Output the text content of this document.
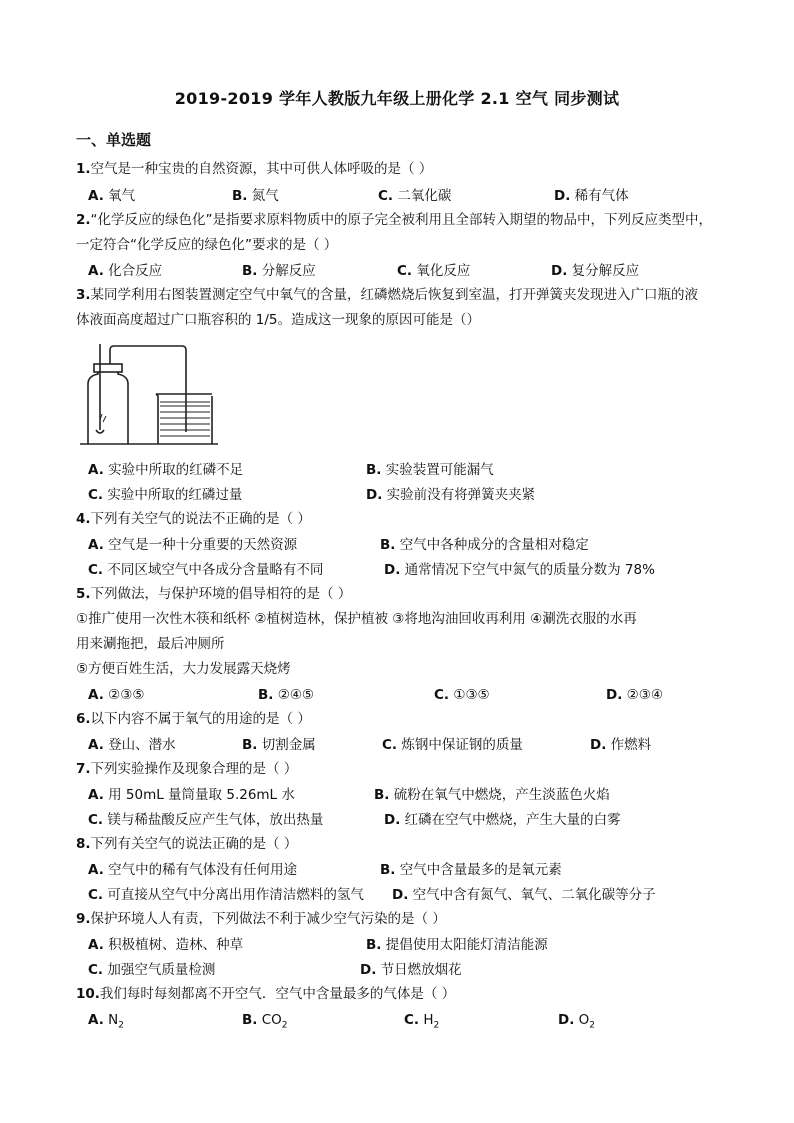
2019-2019 学年人教版九年级上册化学 2.1 空气 同步测试
一、单选题
1.空气是一种宝贵的自然资源，其中可供人体呼吸的是（ ）
A. 氧气	B. 氮气	C. 二氧化碳	D. 稀有气体
2.“化学反应的绿色化”是指要求原料物质中的原子完全被利用且全部转入期望的物品中，下列反应类型中，
一定符合“化学反应的绿色化”要求的是（ ）
A. 化合反应	B. 分解反应	C. 氧化反应	D. 复分解反应
3.某同学利用右图装置测定空气中氧气的含量，红磷燃烧后恢复到室温，打开弹簧夹发现进入广口瓶的液
体液面高度超过广口瓶容积的 1/5。造成这一现象的原因可能是（）
A. 实验中所取的红磷不足	B. 实验装置可能漏气
C. 实验中所取的红磷过量	D. 实验前没有将弹簧夹夹紧
4.下列有关空气的说法不正确的是（ ）
A. 空气是一种十分重要的天然资源	B. 空气中各种成分的含量相对稳定
C. 不同区域空气中各成分含量略有不同	D. 通常情况下空气中氮气的质量分数为 78%
5.下列做法，与保护环境的倡导相符的是（ ）
①推广使用一次性木筷和纸杯 ②植树造林，保护植被 ③将地沟油回收再利用 ④涮洗衣服的水再
用来涮拖把，最后冲厕所
⑤方便百姓生活，大力发展露天烧烤
A. ②③⑤	B. ②④⑤	C. ①③⑤	D. ②③④
6.以下内容不属于氧气的用途的是（ ）
A. 登山、潜水	B. 切割金属	C. 炼钢中保证钢的质量	D. 作燃料
7.下列实验操作及现象合理的是（ ）
A. 用 50mL 量筒量取 5.26mL 水	B. 硫粉在氧气中燃烧，产生淡蓝色火焰
C. 镁与稀盐酸反应产生气体，放出热量	D. 红磷在空气中燃烧，产生大量的白雾
8.下列有关空气的说法正确的是（ ）
A. 空气中的稀有气体没有任何用途	B. 空气中含量最多的是氧元素
C. 可直接从空气中分离出用作清洁燃料的氢气 D. 空气中含有氮气、氧气、二氧化碳等分子
9.保护环境人人有责，下列做法不利于减少空气污染的是（ ）
A. 积极植树、造林、种草	B. 提倡使用太阳能灯清洁能源
C. 加强空气质量检测	D. 节日燃放烟花
10.我们每时每刻都离不开空气．空气中含量最多的气体是（ ）
A. $N_2$	B. $CO_2$	C. $H_2$	D. $O_2$
